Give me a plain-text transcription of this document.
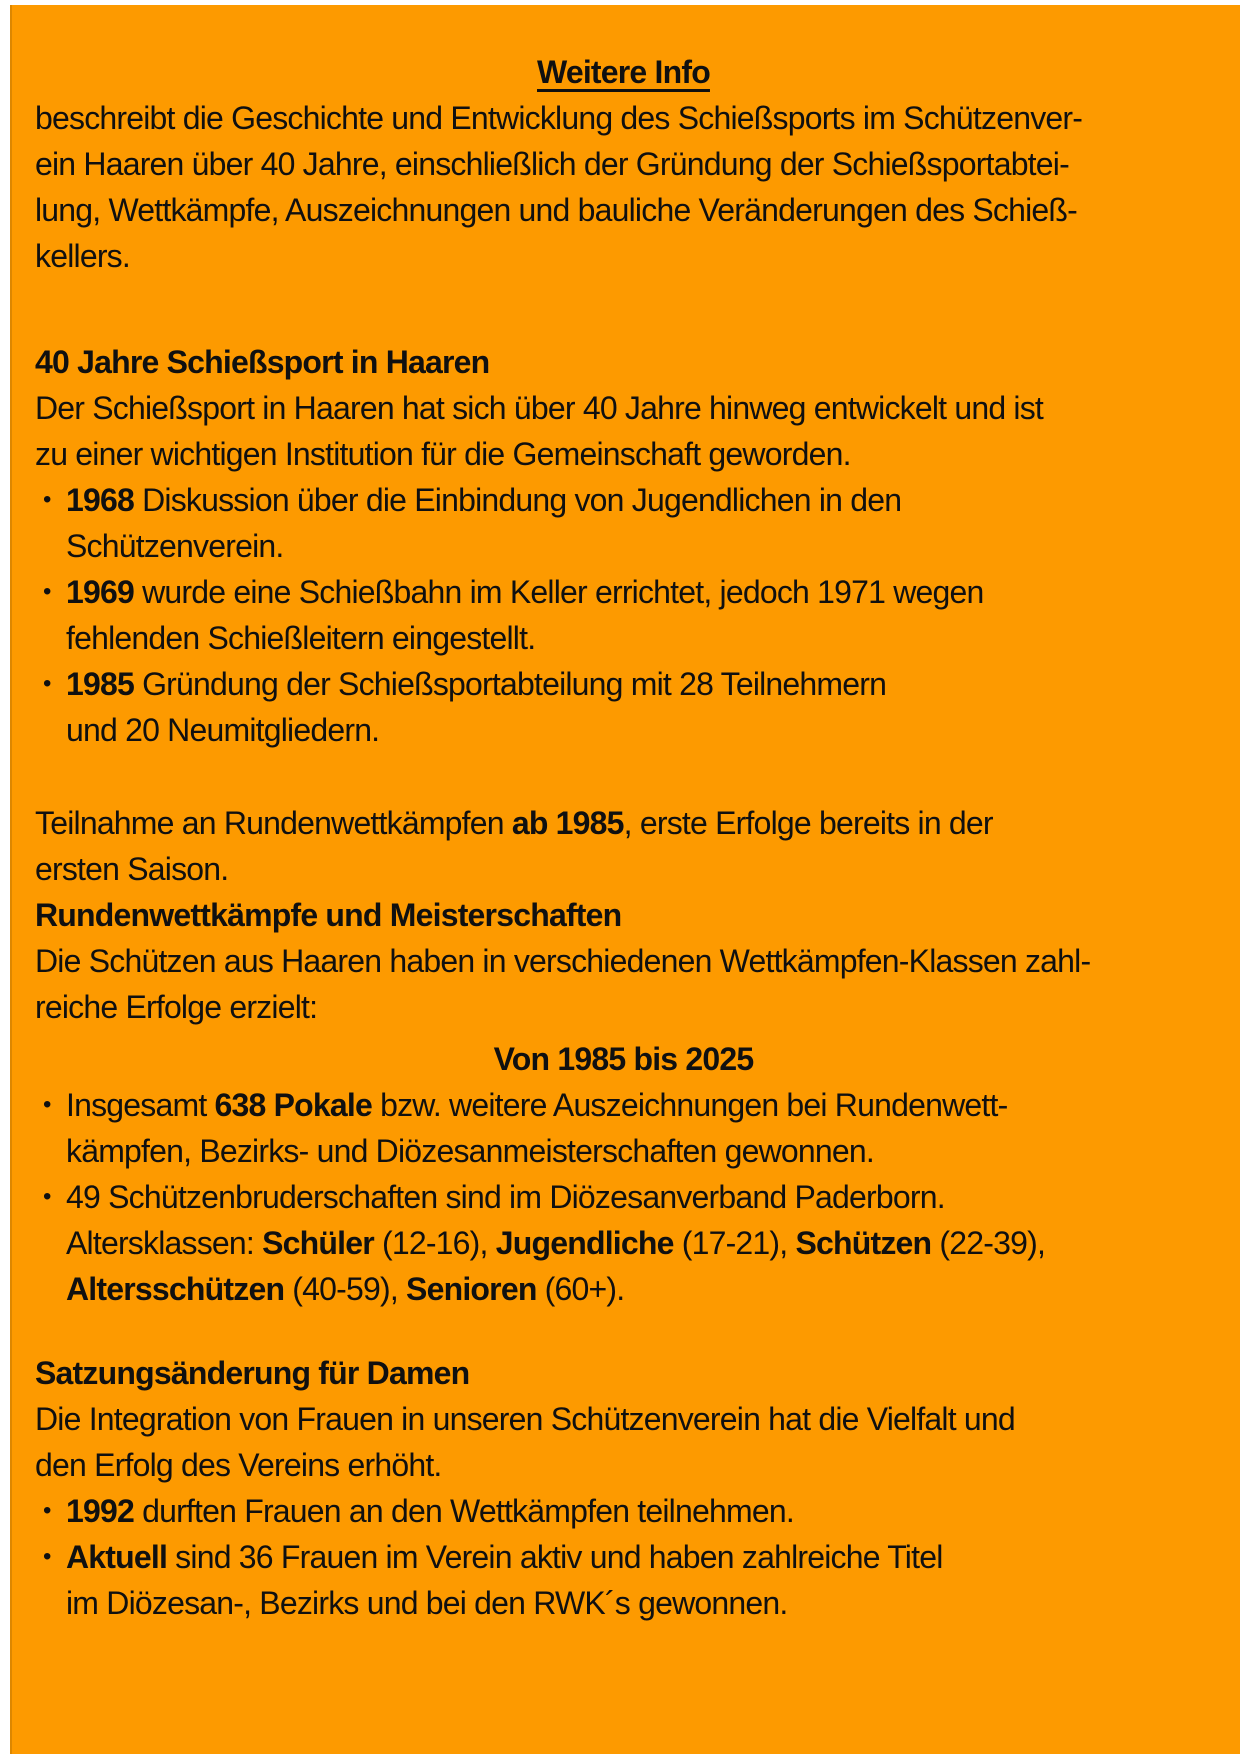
Weitere Info

beschreibt die Geschichte und Entwicklung des Schießsports im Schützenver-
ein Haaren über 40 Jahre, einschließlich der Gründung der Schießsportabtei-
lung, Wettkämpfe, Auszeichnungen und bauliche Veränderungen des Schieß-
kellers.

40 Jahre Schießsport in Haaren

Der Schießsport in Haaren hat sich über 40 Jahre hinweg entwickelt und ist
zu einer wichtigen Institution für die Gemeinschaft geworden.

• 1968 Diskussion über die Einbindung von Jugendlichen in den
Schützenverein.
• 1969 wurde eine Schießbahn im Keller errichtet, jedoch 1971 wegen
fehlenden Schießleitern eingestellt.
• 1985 Gründung der Schießsportabteilung mit 28 Teilnehmern
und 20 Neumitgliedern.

Teilnahme an Rundenwettkämpfen ab 1985, erste Erfolge bereits in der
ersten Saison.

Rundenwettkämpfe und Meisterschaften

Die Schützen aus Haaren haben in verschiedenen Wettkämpfen-Klassen zahl-
reiche Erfolge erzielt:

Von 1985 bis 2025

• Insgesamt 638 Pokale bzw. weitere Auszeichnungen bei Rundenwett-
kämpfen, Bezirks- und Diözesanmeisterschaften gewonnen.
• 49 Schützenbruderschaften sind im Diözesanverband Paderborn.
Altersklassen: Schüler (12-16), Jugendliche (17-21), Schützen (22-39),
Altersschützen (40-59), Senioren (60+).
Satzungsänderung für Damen

Die Integration von Frauen in unseren Schützenverein hat die Vielfalt und
den Erfolg des Vereins erhöht.

• 1992 durften Frauen an den Wettkämpfen teilnehmen.
• Aktuell sind 36 Frauen im Verein aktiv und haben zahlreiche Titel
im Diözesan-, Bezirks und bei den RWK´s gewonnen.
